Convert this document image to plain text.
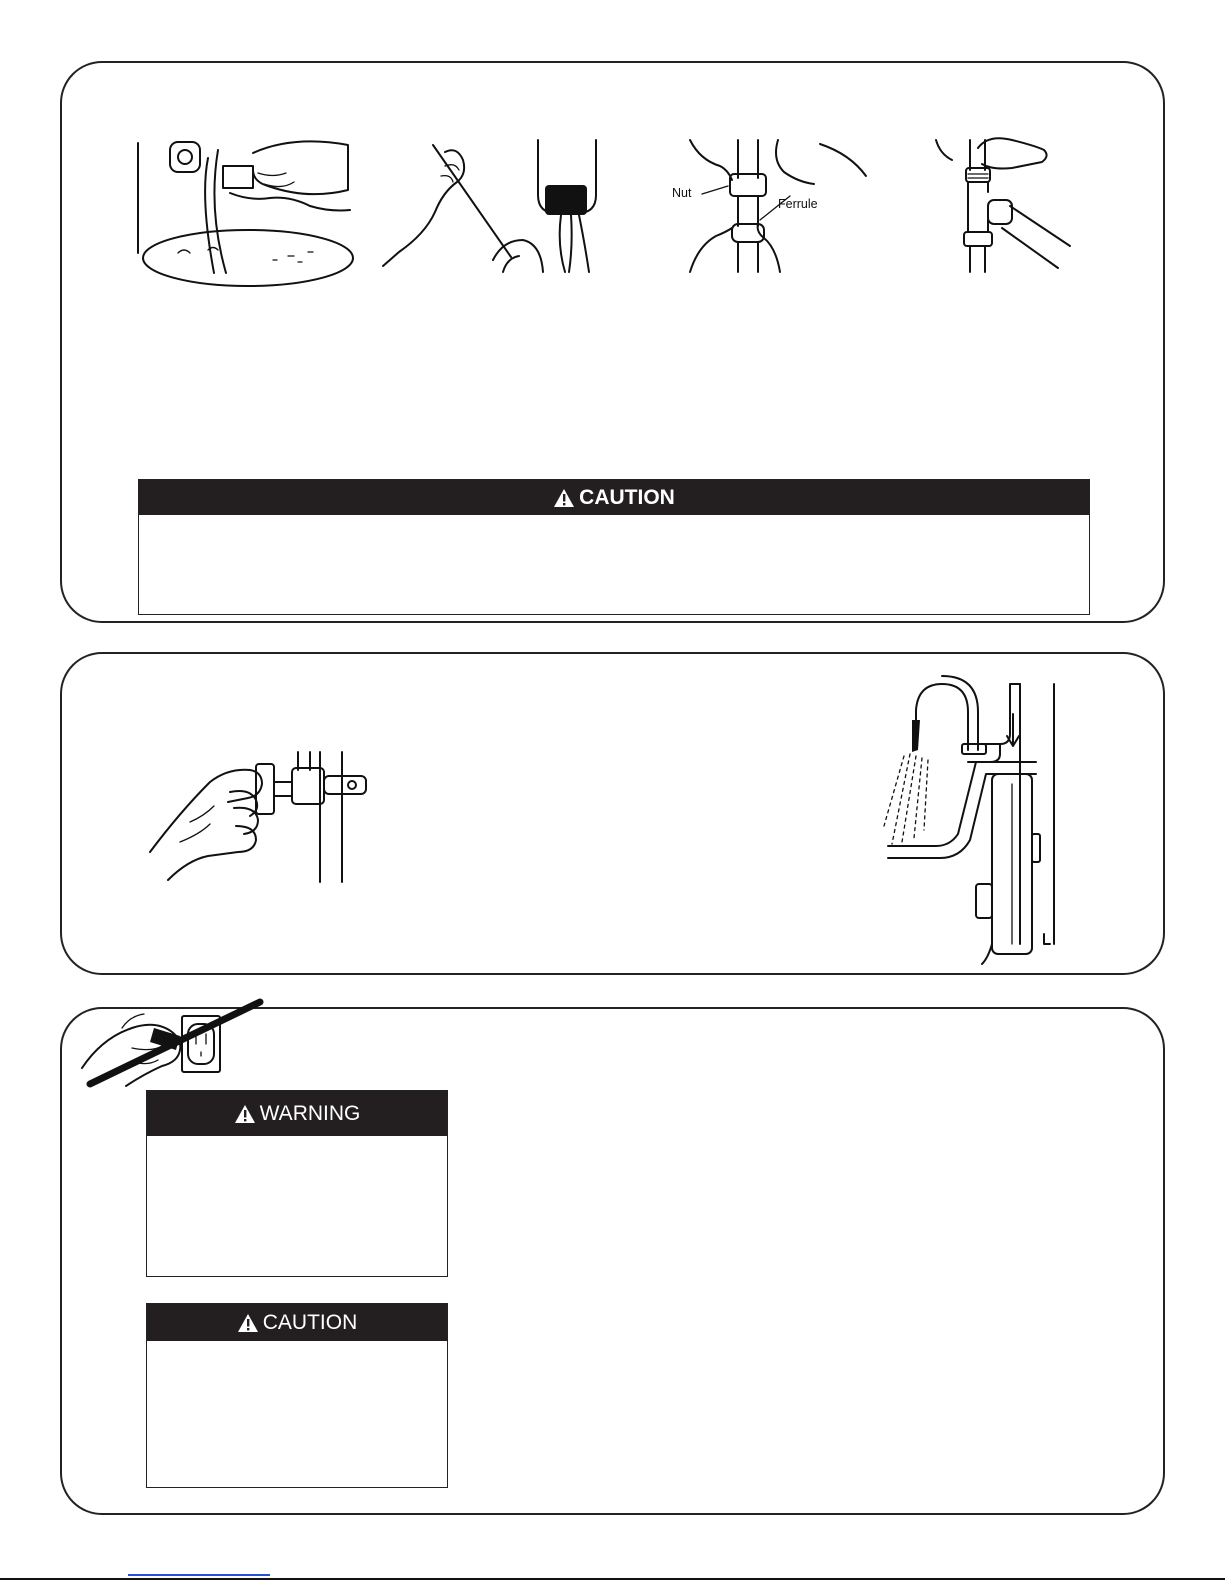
Nut
Ferrule
CAUTION
WARNING
CAUTION
